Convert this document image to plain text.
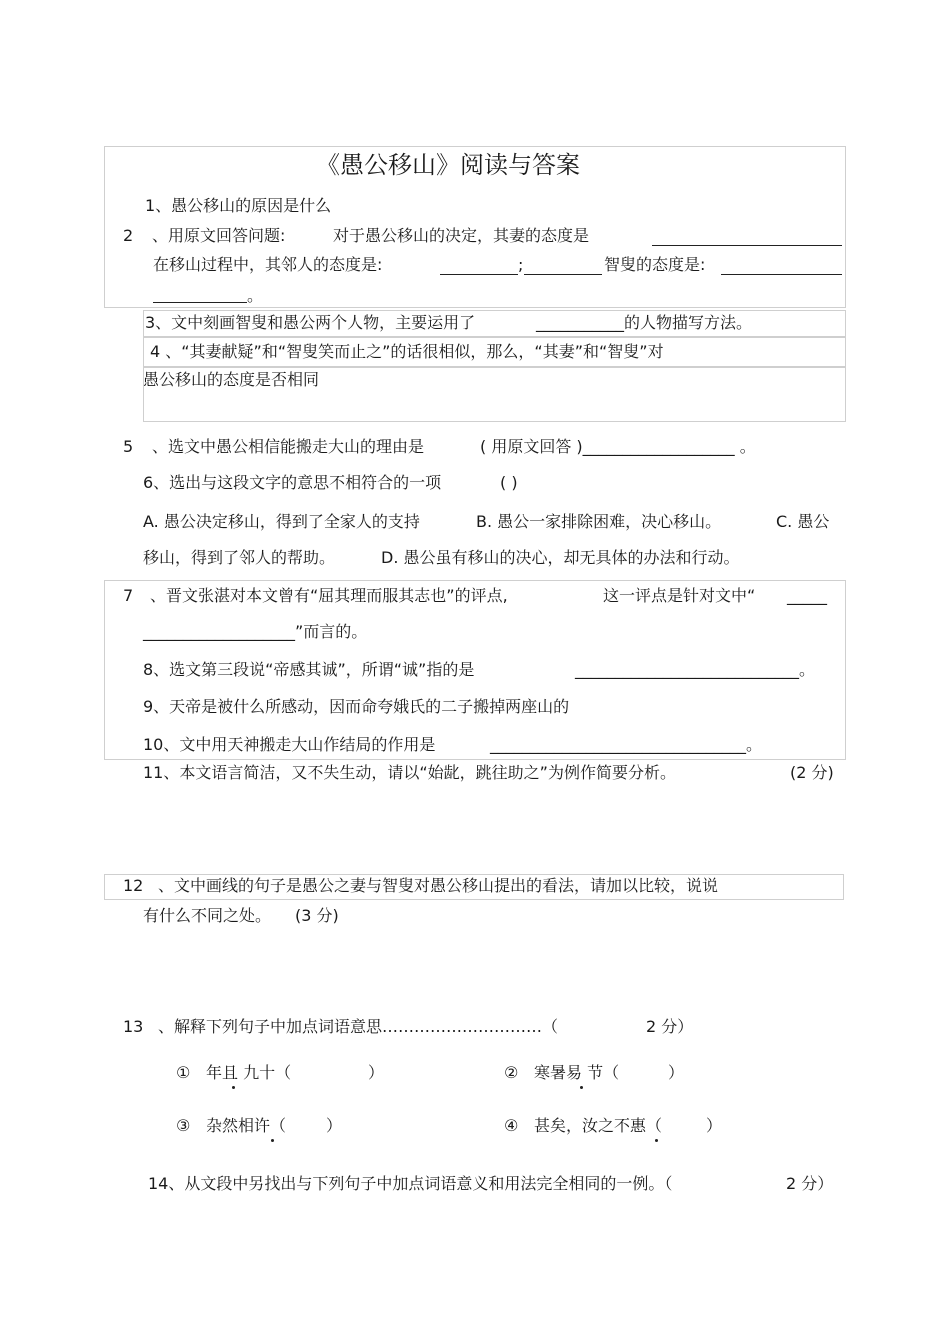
《愚公移山》阅读与答案
1、愚公移山的原因是什么
2 、用原文回答问题:	对于愚公移山的决定，其妻的态度是
在移山过程中，其邻人的态度是:	;	智叟的态度是:
。
3、文中刻画智叟和愚公两个人物，主要运用了	___________的人物描写方法。
4 、“其妻献疑”和“智叟笑而止之”的话很相似，那么，“其妻”和“智叟”对
愚公移山的态度是否相同
5 、选文中愚公相信能搬走大山的理由是	( 用原文回答 )___________________ 。
6、选出与这段文字的意思不相符合的一项	( )
A. 愚公决定移山，得到了全家人的支持	B. 愚公一家排除困难，决心移山。	C. 愚公
移山，得到了邻人的帮助。	D. 愚公虽有移山的决心，却无具体的办法和行动。
7 、晋文张湛对本文曾有“屈其理而服其志也”的评点,	这一评点是针对文中“ _____
___________________”而言的。
8、选文第三段说“帝感其诚”，所谓“诚”指的是	____________________________。
9、天帝是被什么所感动，因而命夸娥氏的二子搬掉两座山的
10、文中用天神搬走大山作结局的作用是	________________________________。
11、本文语言简洁，又不失生动，请以“始龀，跳往助之”为例作简要分析。	(2 分)
12 、文中画线的句子是愚公之妻与智叟对愚公移山提出的看法，请加以比较，说说
有什么不同之处。 (3 分)
13 、解释下列句子中加点词语意思…………………………（	2 分）
① 年且 九十（	）	② 寒暑易 节（	）
③ 杂然相许（ ）	④ 甚矣，汝之不惠（	）
14、从文段中另找出与下列句子中加点词语意义和用法完全相同的一例。（	2 分）
